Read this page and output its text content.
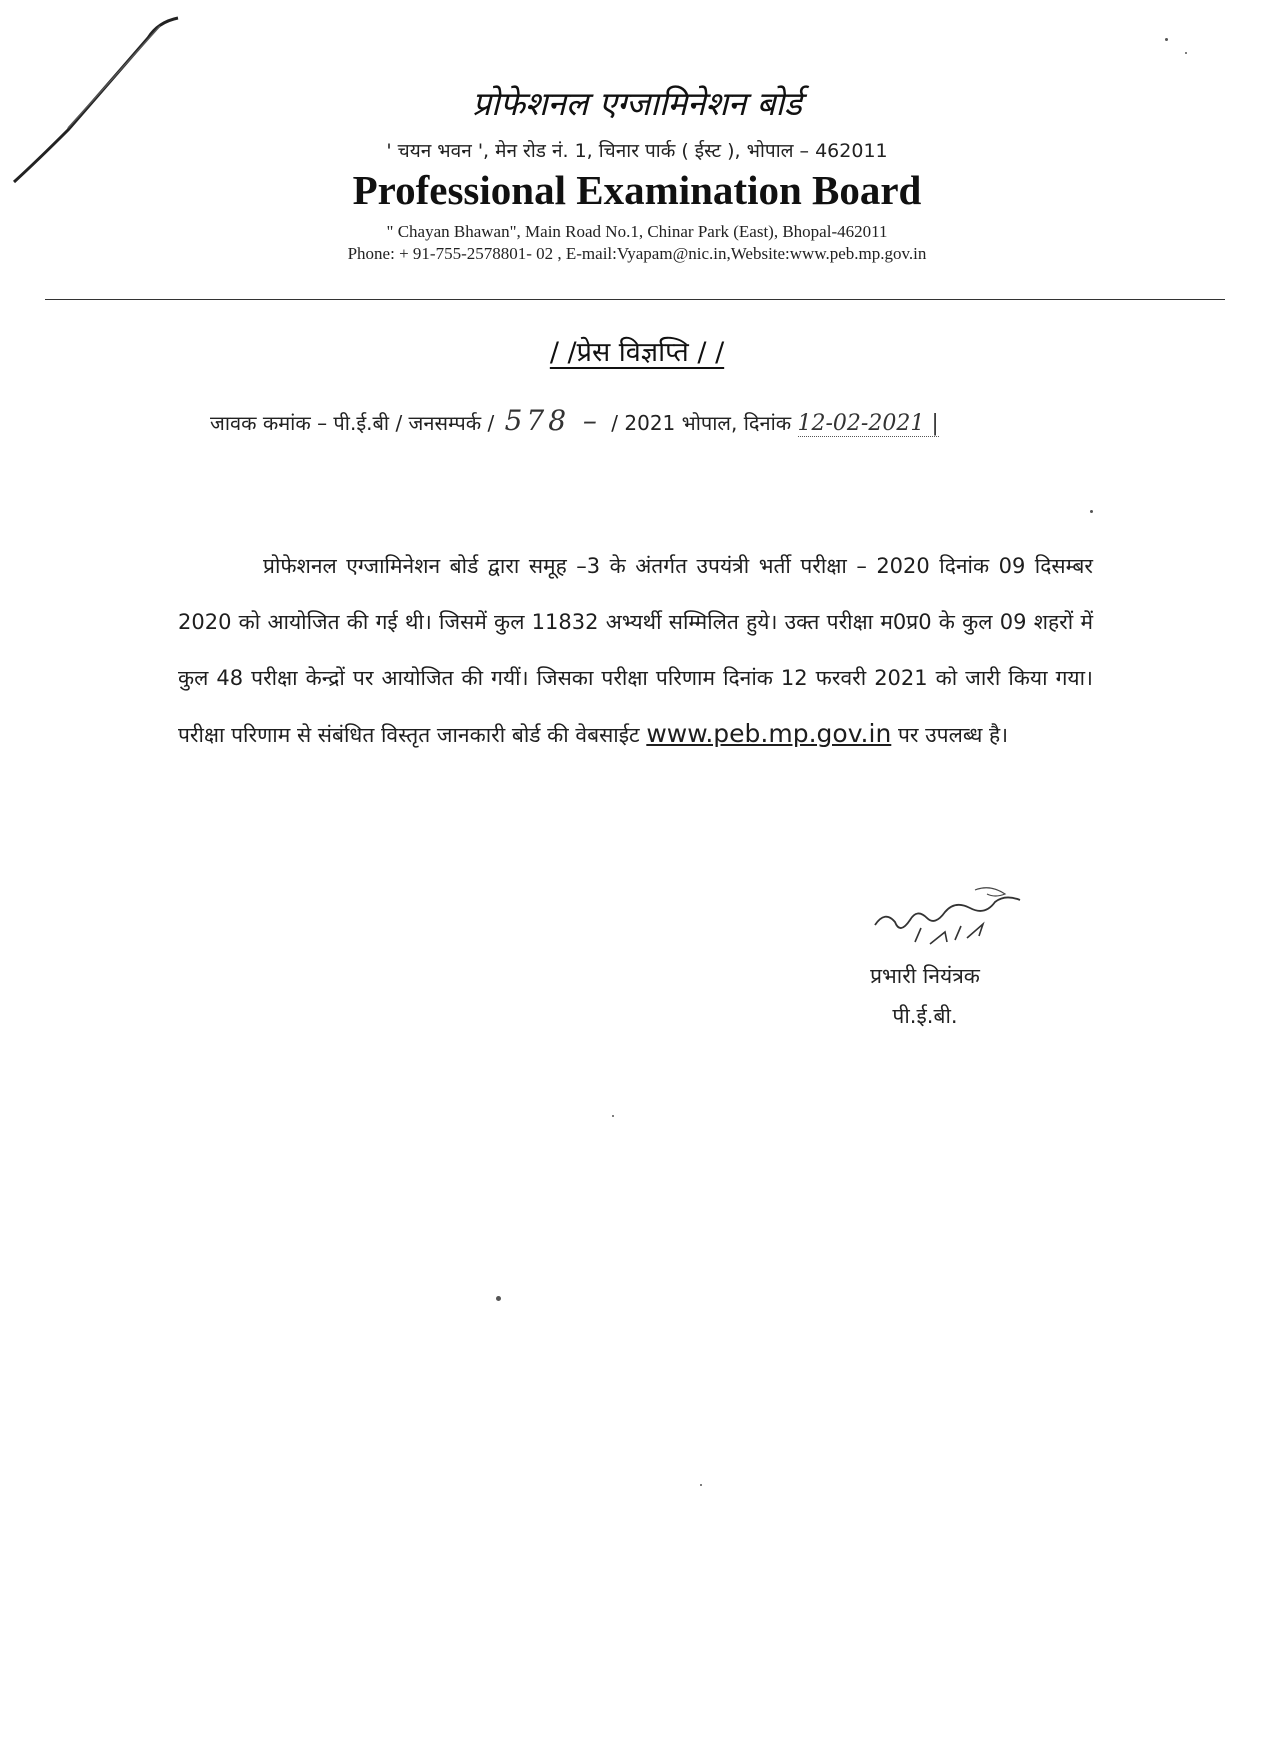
प्रोफेशनल एग्जामिनेशन बोर्ड
' चयन भवन ', मेन रोड नं. 1, चिनार पार्क ( ईस्ट ), भोपाल – 462011
Professional Examination Board
" Chayan Bhawan", Main Road No.1, Chinar Park (East), Bhopal-462011
Phone: + 91-755-2578801- 02 , E-mail:Vyapam@nic.in,Website:www.peb.mp.gov.in
/ /प्रेस विज्ञप्ति / /
जावक कमांक – पी.ई.बी / जनसम्पर्क / 578 – / 2021 भोपाल, दिनांक 12-02-2021 |
प्रोफेशनल एग्जामिनेशन बोर्ड द्वारा समूह –3 के अंतर्गत उपयंत्री भर्ती परीक्षा – 2020 दिनांक 09 दिसम्बर 2020 को आयोजित की गई थी। जिसमें कुल 11832 अभ्यर्थी सम्मिलित हुये। उक्त परीक्षा म0प्र0 के कुल 09 शहरों में कुल 48 परीक्षा केन्द्रों पर आयोजित की गयीं। जिसका परीक्षा परिणाम दिनांक 12 फरवरी 2021 को जारी किया गया। परीक्षा परिणाम से संबंधित विस्तृत जानकारी बोर्ड की वेबसाईट www.peb.mp.gov.in पर उपलब्ध है।
प्रभारी नियंत्रक
पी.ई.बी.
